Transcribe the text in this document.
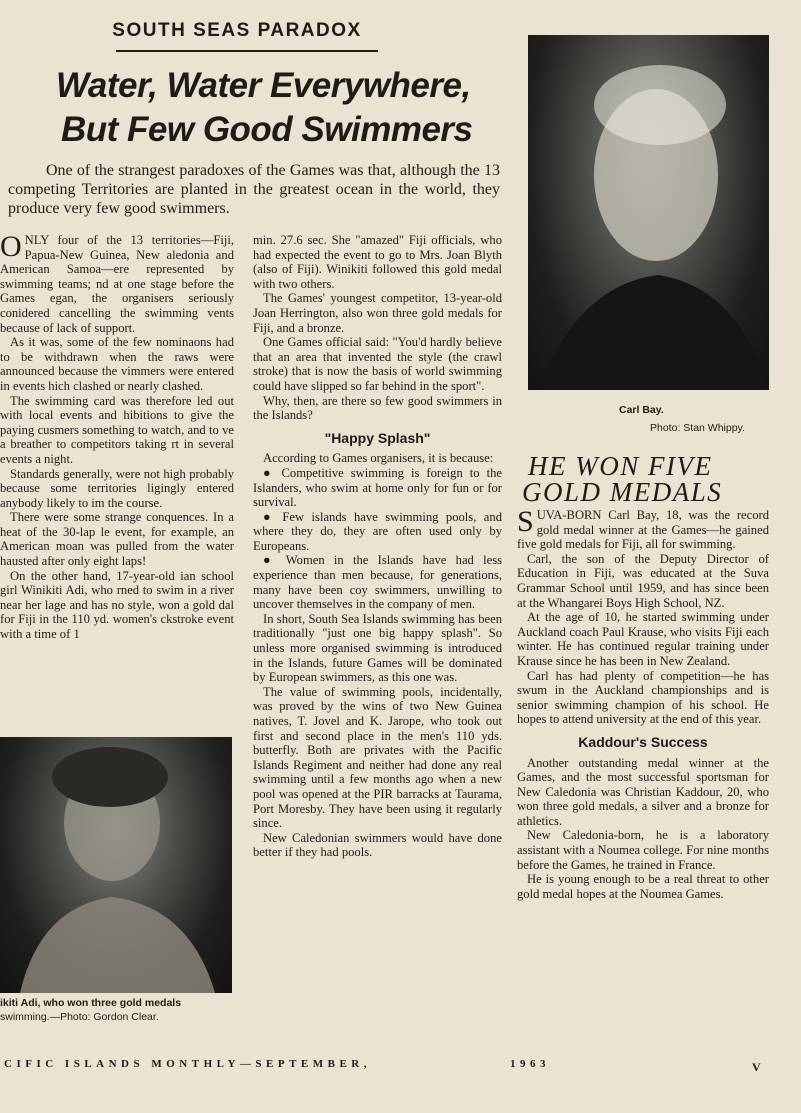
SOUTH SEAS PARADOX
Water, Water Everywhere,
But Few Good Swimmers

One of the strangest paradoxes of the Games was that, although the 13 competing Territories are planted in the greatest ocean in the world, they produce very few good swimmers.

ONLY four of the 13 territories—Fiji, Papua-New Guinea, New aledonia and American Samoa—ere represented by swimming teams; nd at one stage before the Games egan, the organisers seriously conidered cancelling the swimming vents because of lack of support.

As it was, some of the few nominaons had to be withdrawn when the raws were announced because the vimmers were entered in events hich clashed or nearly clashed.

The swimming card was therefore led out with local events and hibitions to give the paying cusmers something to watch, and to ve a breather to competitors taking rt in several events a night.

Standards generally, were not high probably because some territories ligingly entered anybody likely to im the course.

There were some strange conquences. In a heat of the 30-lap le event, for example, an American moan was pulled from the water hausted after only eight laps!

On the other hand, 17-year-old ian school girl Winikiti Adi, who rned to swim in a river near her lage and has no style, won a gold dal for Fiji in the 110 yd. women's ckstroke event with a time of 1

ikiti Adi, who won three gold medals
swimming.—Photo: Gordon Clear.

min. 27.6 sec. She "amazed" Fiji officials, who had expected the event to go to Mrs. Joan Blyth (also of Fiji). Winikiti followed this gold medal with two others.

The Games' youngest competitor, 13-year-old Joan Herrington, also won three gold medals for Fiji, and a bronze.

One Games official said: "You'd hardly believe that an area that invented the style (the crawl stroke) that is now the basis of world swimming could have slipped so far behind in the sport".

Why, then, are there so few good swimmers in the Islands?

"Happy Splash"

According to Games organisers, it is because:

● Competitive swimming is foreign to the Islanders, who swim at home only for fun or for survival.

● Few islands have swimming pools, and where they do, they are often used only by Europeans.

● Women in the Islands have had less experience than men because, for generations, many have been coy swimmers, unwilling to uncover themselves in the company of men.

In short, South Sea Islands swimming has been traditionally "just one big happy splash". So unless more organised swimming is introduced in the Islands, future Games will be dominated by European swimmers, as this one was.

The value of swimming pools, incidentally, was proved by the wins of two New Guinea natives, T. Jovel and K. Jarope, who took out first and second place in the men's 110 yds. butterfly. Both are privates with the Pacific Islands Regiment and neither had done any real swimming until a few months ago when a new pool was opened at the PIR barracks at Taurama, Port Moresby. They have been using it regularly since.

New Caledonian swimmers would have done better if they had pools.

Carl Bay.
Photo: Stan Whippy.
HE WON FIVE
GOLD MEDALS

SUVA-BORN Carl Bay, 18, was the record gold medal winner at the Games—he gained five gold medals for Fiji, all for swimming.

Carl, the son of the Deputy Director of Education in Fiji, was educated at the Suva Grammar School until 1959, and has since been at the Whangarei Boys High School, NZ.

At the age of 10, he started swimming under Auckland coach Paul Krause, who visits Fiji each winter. He has continued regular training under Krause since he has been in New Zealand.

Carl has had plenty of competition—he has swum in the Auckland championships and is senior swimming champion of his school. He hopes to attend university at the end of this year.

Kaddour's Success

Another outstanding medal winner at the Games, and the most successful sportsman for New Caledonia was Christian Kaddour, 20, who won three gold medals, a silver and a bronze for athletics.

New Caledonia-born, he is a laboratory assistant with a Noumea college. For nine months before the Games, he trained in France.

He is young enough to be a real threat to other gold medal hopes at the Noumea Games.

CIFIC ISLANDS MONTHLY—SEPTEMBER,	1963	V
